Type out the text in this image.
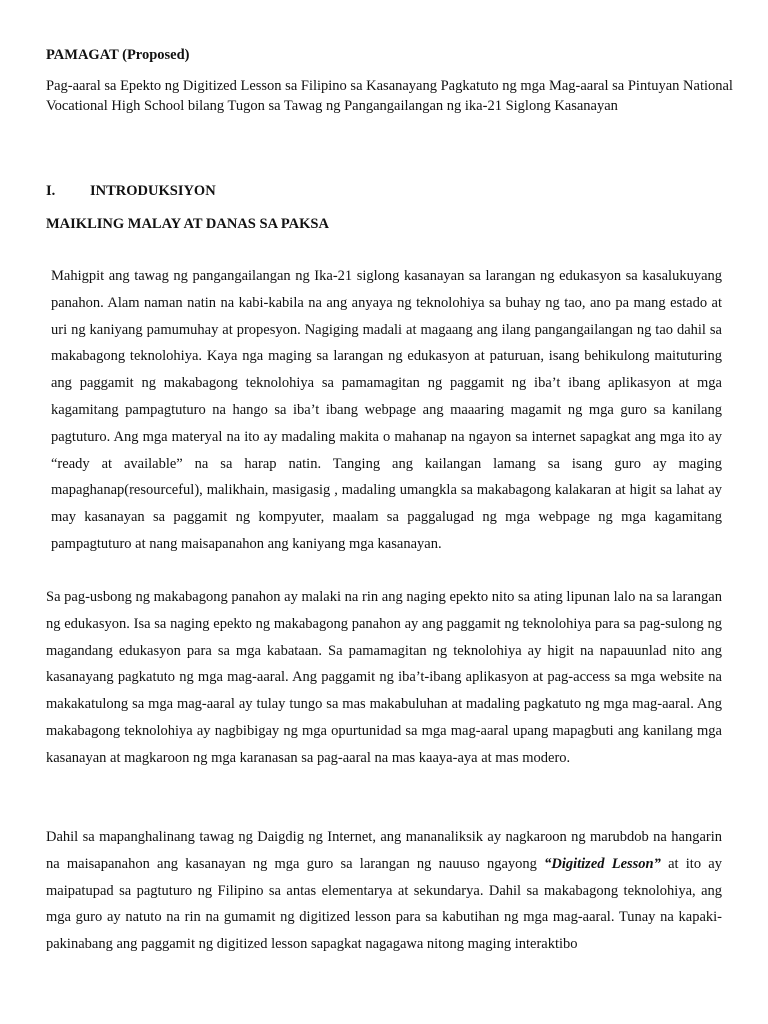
PAMAGAT (Proposed)

Pag-aaral sa Epekto ng Digitized Lesson sa Filipino sa Kasanayang Pagkatuto ng mga Mag-aaral sa Pintuyan National Vocational High School bilang Tugon sa Tawag ng Pangangailangan ng ika-21 Siglong Kasanayan

I.	INTRODUKSIYON

MAIKLING MALAY AT DANAS SA PAKSA

Mahigpit ang tawag ng pangangailangan ng Ika-21 siglong kasanayan sa larangan ng edukasyon sa kasalukuyang panahon. Alam naman natin na kabi-kabila na ang anyaya ng teknolohiya sa buhay ng tao, ano pa mang estado at uri ng kaniyang pamumuhay at propesyon. Nagiging madali at magaang ang ilang pangangailangan ng tao dahil sa makabagong teknolohiya. Kaya nga maging sa larangan ng edukasyon at paturuan, isang behikulong maituturing ang paggamit ng makabagong teknolohiya sa pamamagitan ng paggamit ng iba’t ibang aplikasyon at mga kagamitang pampagtuturo na hango sa iba’t ibang webpage ang maaaring magamit ng mga guro sa kanilang pagtuturo. Ang mga materyal na ito ay madaling makita o mahanap na ngayon sa internet sapagkat ang mga ito ay “ready at available” na sa harap natin. Tanging ang kailangan lamang sa isang guro ay maging mapaghanap(resourceful), malikhain, masigasig , madaling umangkla sa makabagong kalakaran at higit sa lahat ay may kasanayan sa paggamit ng kompyuter, maalam sa paggalugad ng mga webpage ng mga kagamitang pampagtuturo at nang maisapanahon ang kaniyang mga kasanayan.

Sa pag-usbong ng makabagong panahon ay malaki na rin ang naging epekto nito sa ating lipunan lalo na sa larangan ng edukasyon. Isa sa naging epekto ng makabagong panahon ay ang paggamit ng teknolohiya para sa pag-sulong ng magandang edukasyon para sa mga kabataan. Sa pamamagitan ng teknolohiya ay higit na napauunlad nito ang kasanayang pagkatuto ng mga mag-aaral. Ang paggamit ng iba’t-ibang aplikasyon at pag-access sa mga website na makakatulong sa mga mag-aaral ay tulay tungo sa mas makabuluhan at madaling pagkatuto ng mga mag-aaral. Ang makabagong teknolohiya ay nagbibigay ng mga opurtunidad sa mga mag-aaral upang mapagbuti ang kanilang mga kasanayan at magkaroon ng mga karanasan sa pag-aaral na mas kaaya-aya at mas modero.

Dahil sa mapanghalinang tawag ng Daigdig ng Internet, ang mananaliksik ay nagkaroon ng marubdob na hangarin na maisapanahon ang kasanayan ng mga guro sa larangan ng nauuso ngayong “Digitized Lesson” at ito ay maipatupad sa pagtuturo ng Filipino sa antas elementarya at sekundarya. Dahil sa makabagong teknolohiya, ang mga guro ay natuto na rin na gumamit ng digitized lesson para sa kabutihan ng mga mag-aaral. Tunay na kapaki-pakinabang ang paggamit ng digitized lesson sapagkat nagagawa nitong maging interaktibo
